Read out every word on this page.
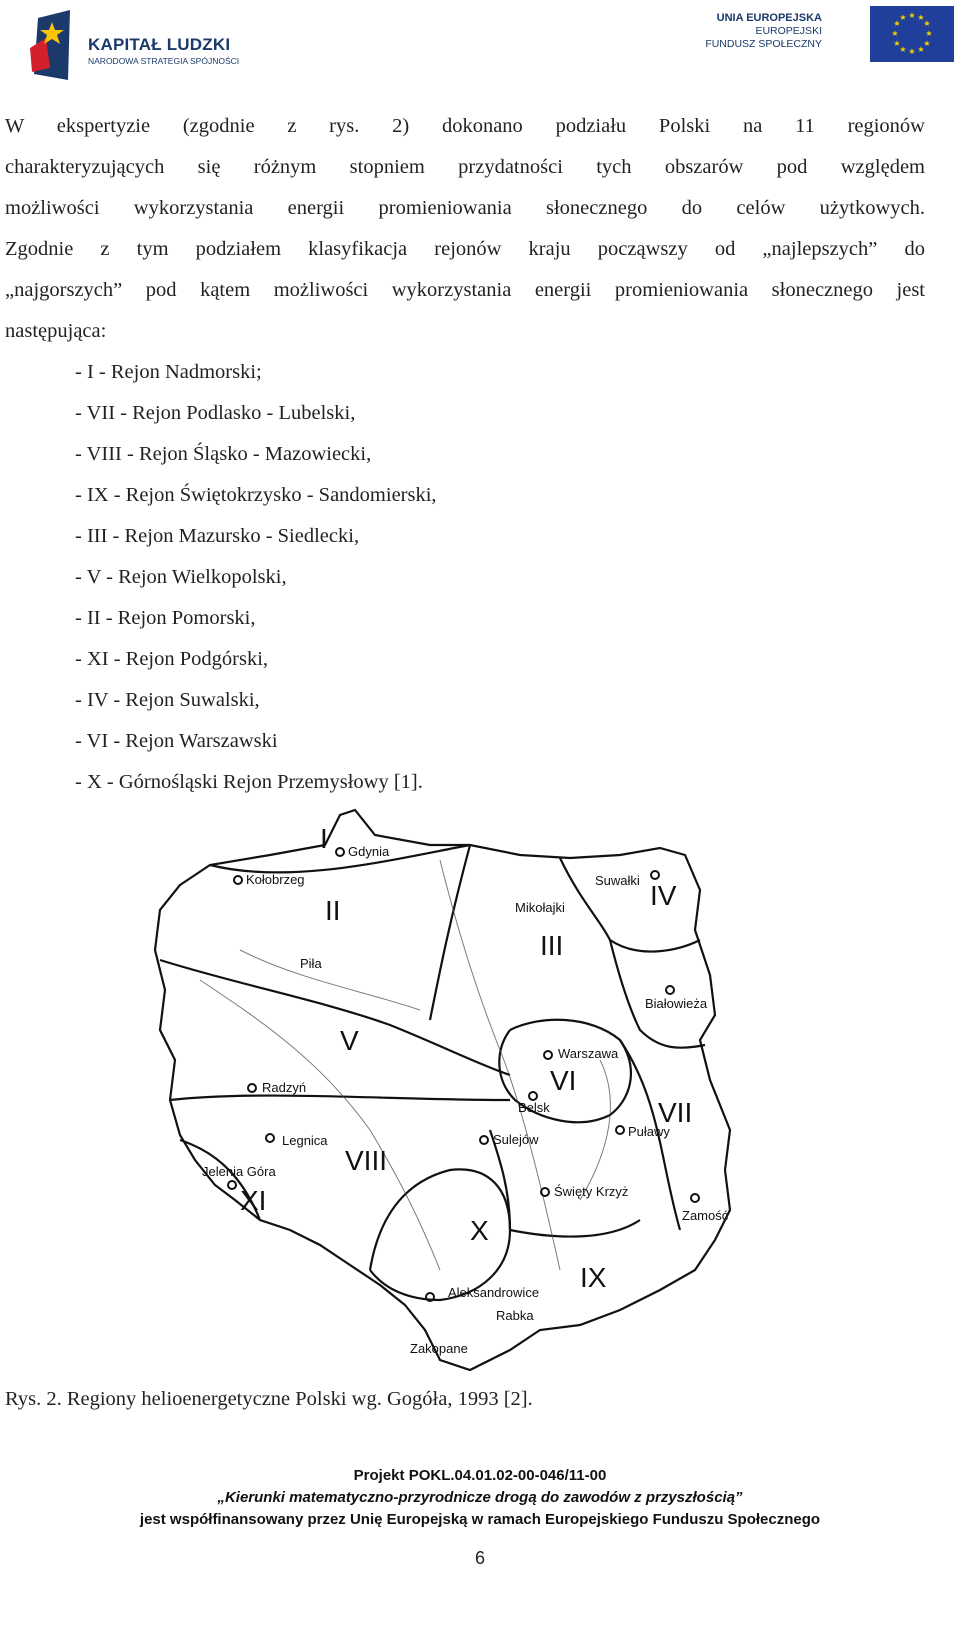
KAPITAŁ LUDZKI
NARODOWA STRATEGIA SPÓJNOŚCI
UNIA EUROPEJSKA
EUROPEJSKI
FUNDUSZ SPOŁECZNY
★ ★
★
★
★
★
★
★
★
★
★
★
W ekspertyzie (zgodnie z rys. 2) dokonano podziału Polski na 11 regionów
charakteryzujących się różnym stopniem przydatności tych obszarów pod względem
możliwości wykorzystania energii promieniowania słonecznego do celów użytkowych.
Zgodnie z tym podziałem klasyfikacja rejonów kraju począwszy od „najlepszych” do
„najgorszych” pod kątem możliwości wykorzystania energii promieniowania słonecznego jest
następująca:
- I - Rejon Nadmorski;
- VII - Rejon Podlasko - Lubelski,
- VIII - Rejon Śląsko - Mazowiecki,
- IX - Rejon Świętokrzysko - Sandomierski,
- III - Rejon Mazursko - Siedlecki,
- V - Rejon Wielkopolski,
- II - Rejon Pomorski,
- XI - Rejon Podgórski,
- IV - Rejon Suwalski,
- VI - Rejon Warszawski
- X - Górnośląski Rejon Przemysłowy [1].
I
II
III
IV
V
VI
VII
VIII
IX
X
XI
Gdynia
Kołobrzeg	Suwałki
Mikołajki
Piła
Białowieża
Warszawa
Radzyń
Belsk
Puławy
Legnica	Sulejów
Jelenia Góra
Święty Krzyż
Zamość
Aleksandrowice
Rabka
Zakopane
Rys. 2. Regiony helioenergetyczne Polski wg. Gogóła, 1993 [2].
Projekt POKL.04.01.02-00-046/11-00
„Kierunki matematyczno-przyrodnicze drogą do zawodów z przyszłością”
jest współfinansowany przez Unię Europejską w ramach Europejskiego Funduszu Społecznego
6
